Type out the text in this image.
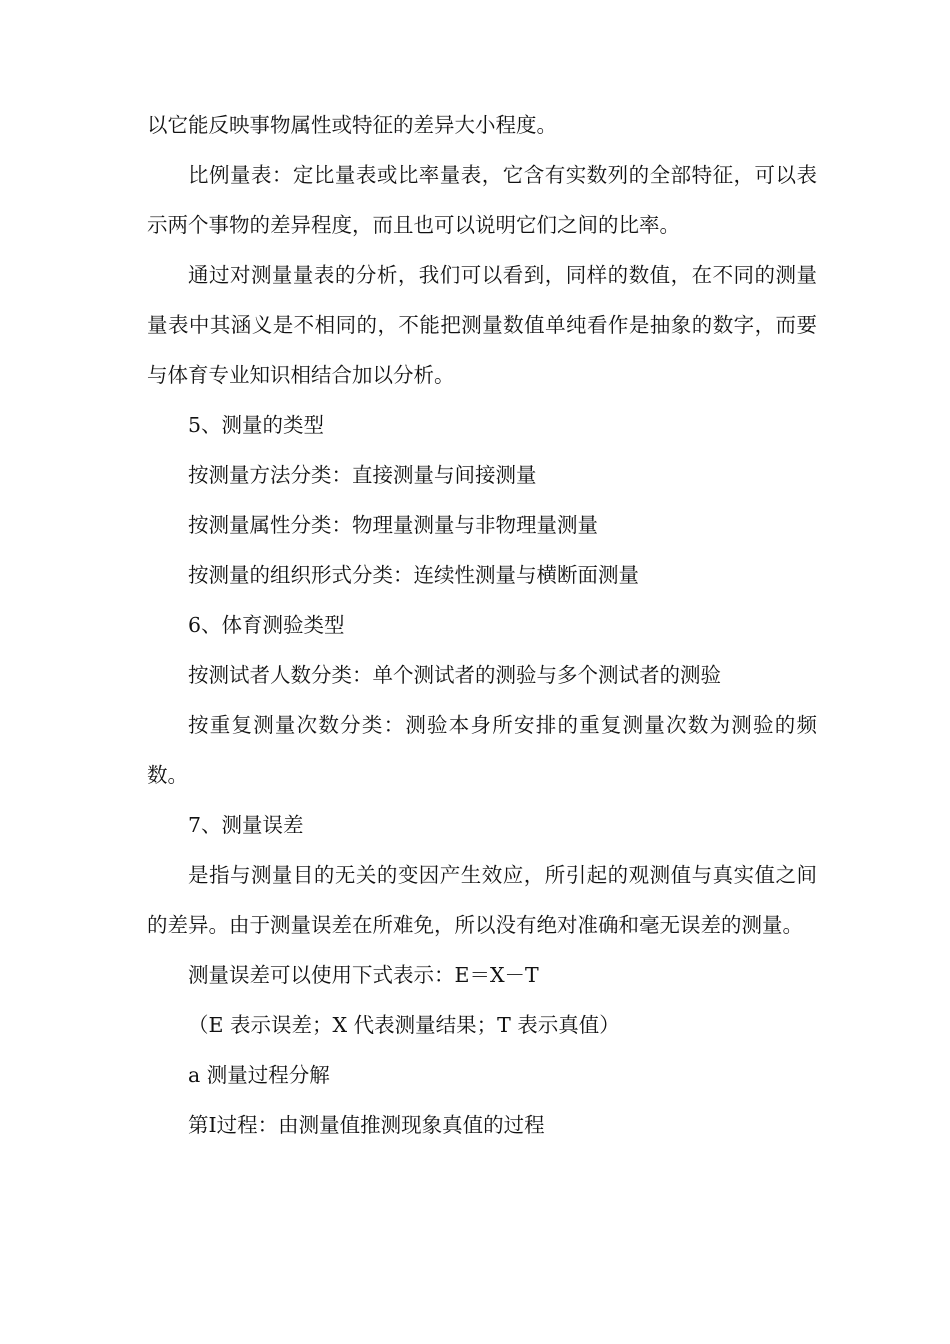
以它能反映事物属性或特征的差异大小程度。

比例量表：定比量表或比率量表，它含有实数列的全部特征，可以表示两个事物的差异程度，而且也可以说明它们之间的比率。

通过对测量量表的分析，我们可以看到，同样的数值，在不同的测量量表中其涵义是不相同的，不能把测量数值单纯看作是抽象的数字，而要与体育专业知识相结合加以分析。

5、测量的类型

按测量方法分类：直接测量与间接测量

按测量属性分类：物理量测量与非物理量测量

按测量的组织形式分类：连续性测量与横断面测量

6、体育测验类型

按测试者人数分类：单个测试者的测验与多个测试者的测验

按重复测量次数分类：测验本身所安排的重复测量次数为测验的频数。

7、测量误差

是指与测量目的无关的变因产生效应，所引起的观测值与真实值之间的差异。由于测量误差在所难免，所以没有绝对准确和毫无误差的测量。

测量误差可以使用下式表示：E＝X－T

（E 表示误差；X 代表测量结果；T 表示真值）

a 测量过程分解

第Ⅰ过程：由测量值推测现象真值的过程
